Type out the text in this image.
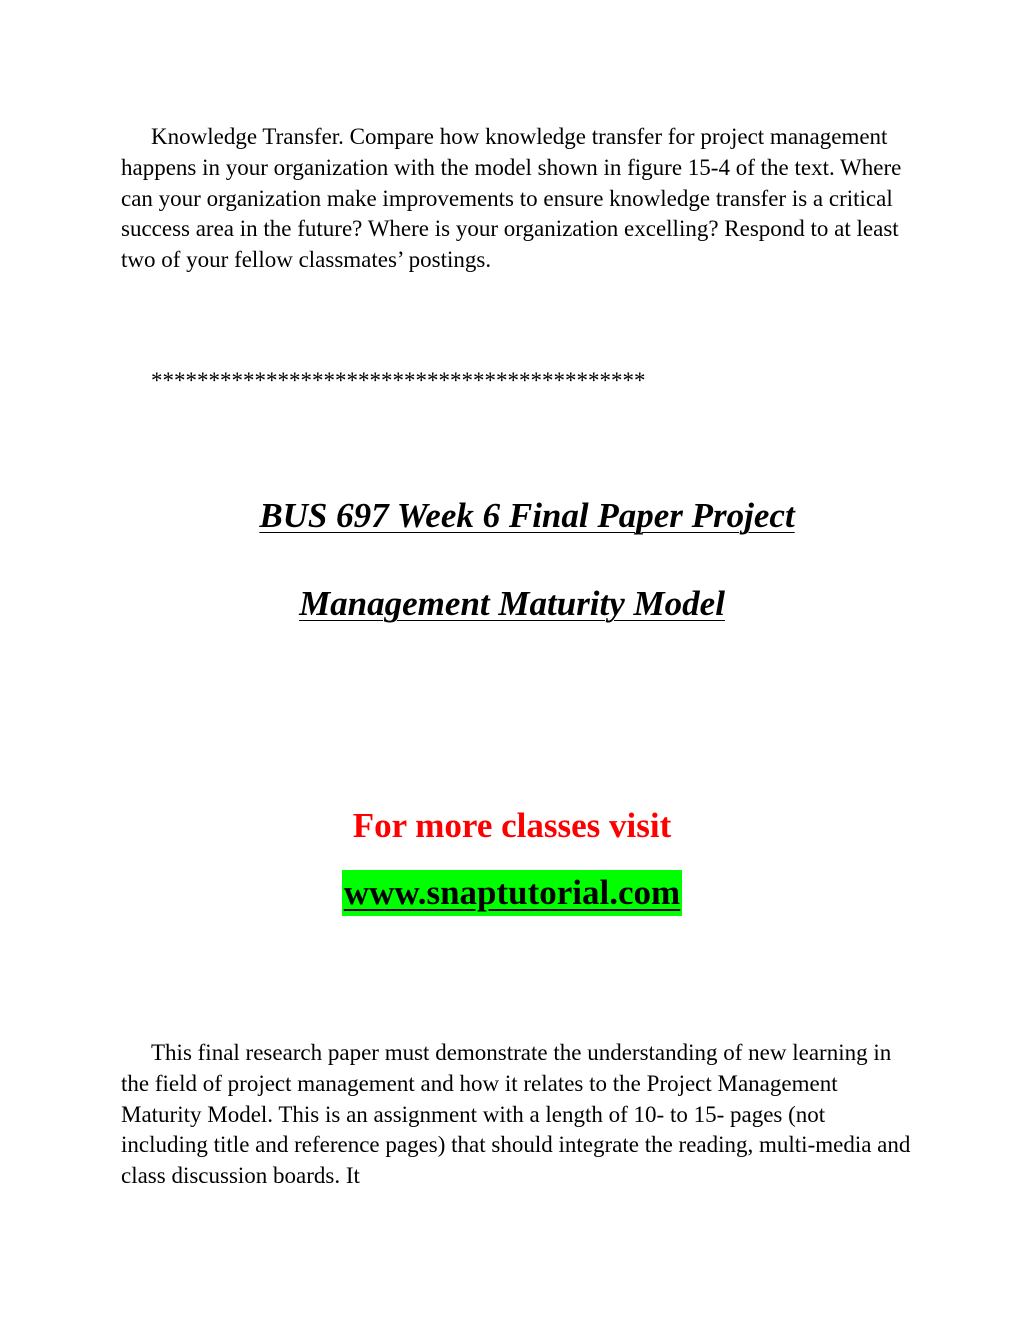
Knowledge Transfer. Compare how knowledge transfer for project management happens in your organization with the model shown in figure 15-4 of the text. Where can your organization make improvements to ensure knowledge transfer is a critical success area in the future? Where is your organization excelling? Respond to at least two of your fellow classmates’ postings.

*******************************************

BUS 697 Week 6 Final Paper Project
Management Maturity Model

For more classes visit

www.snaptutorial.com

This final research paper must demonstrate the understanding of new learning in the field of project management and how it relates to the Project Management Maturity Model. This is an assignment with a length of 10- to 15- pages (not including title and reference pages) that should integrate the reading, multi-media and class discussion boards. It
